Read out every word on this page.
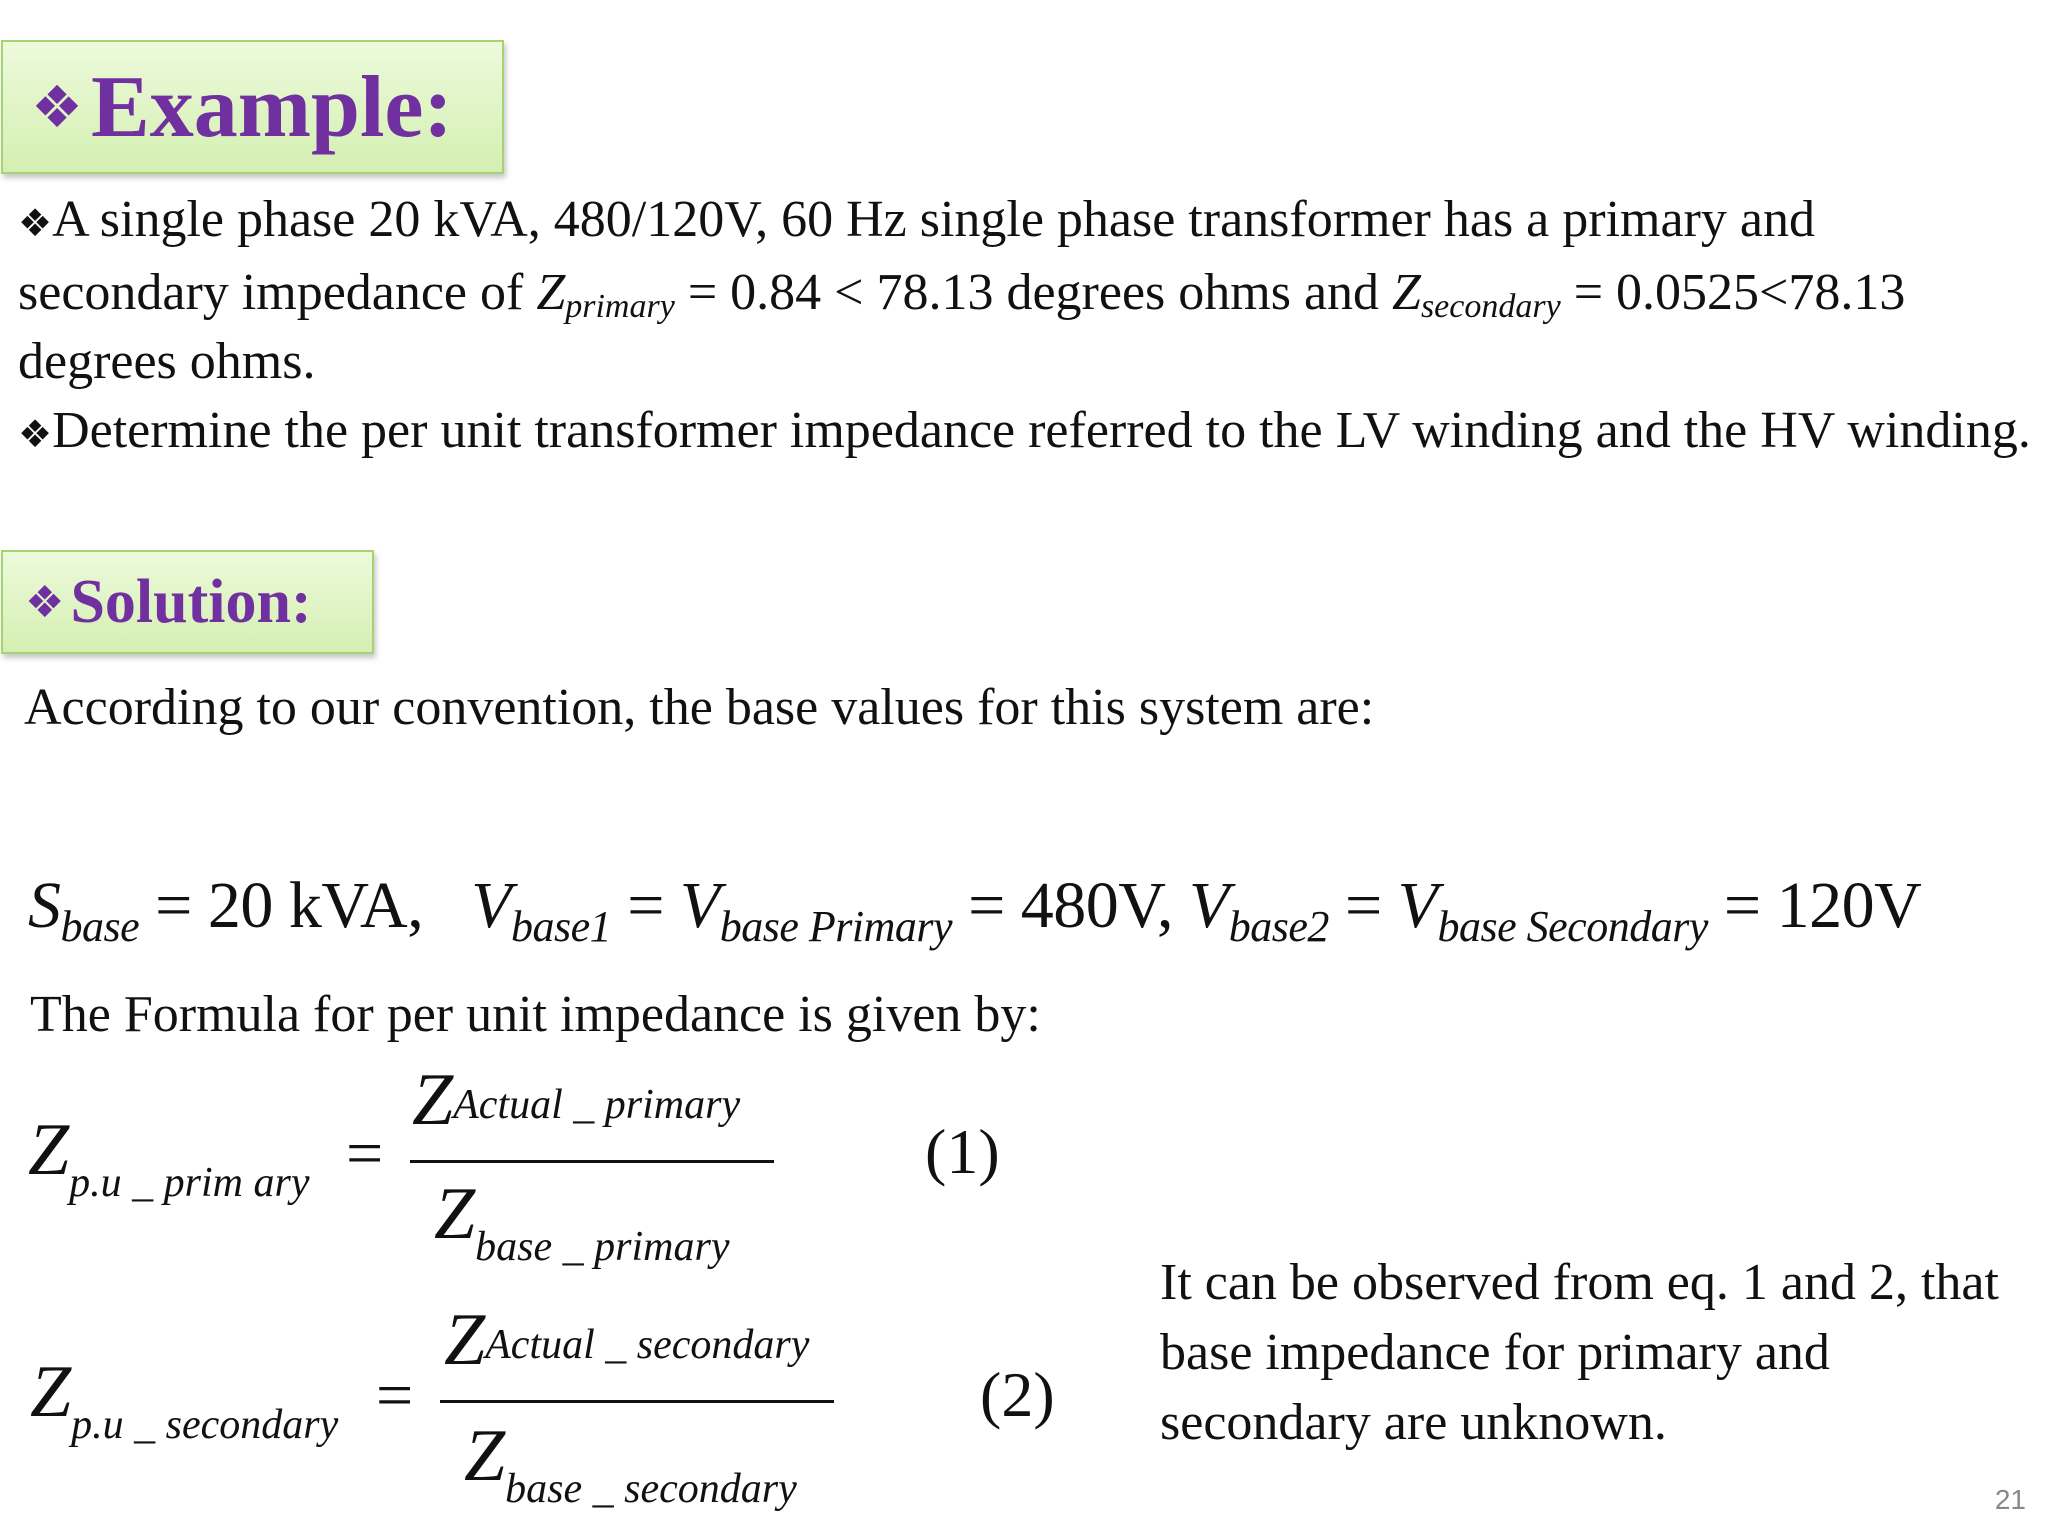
❖ Example:
❖A single phase 20 kVA, 480/120V, 60 Hz single phase transformer has a primary and secondary impedance of $Z_{primary} = 0.84 < 78.13$ degrees ohms and $Z_{secondary} = 0.0525<78.13$ degrees ohms.
❖Determine the per unit transformer impedance referred to the LV winding and the HV winding.
❖ Solution:
According to our convention, the base values for this system are:
$S_{base} = 20$ kVA, $V_{base1} = V_{base Primary} = 480V$, $V_{base2} = V_{base Secondary} = 120V$
The Formula for per unit impedance is given by:
Zp.u _ prim ary =
ZActual _ primary
Zbase _ primary
(1)
Zp.u _ secondary =
ZActual _ secondary
Zbase _ secondary
(2)
It can be observed from eq. 1 and 2, that base impedance for primary and secondary are unknown.
21
